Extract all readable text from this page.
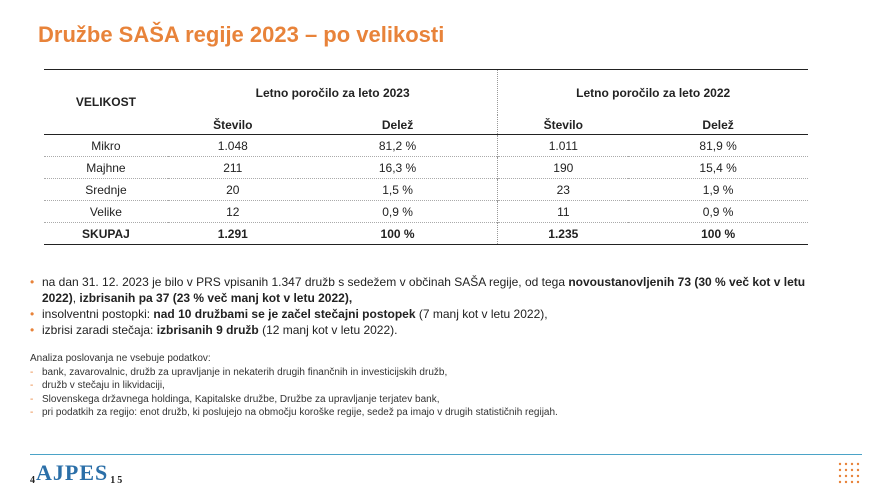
Družbe SAŠA regije 2023 – po velikosti
VELIKOST	Letno poročilo za leto 2023		Letno poročilo za leto 2022	
	Število	Delež	Število	Delež
Mikro	1.048	81,2 %	1.011	81,9 %
Majhne	211	16,3 %	190	15,4 %
Srednje	20	1,5 %	23	1,9 %
Velike	12	0,9 %	11	0,9 %
SKUPAJ	1.291	100 %	1.235	100 %
• na dan 31. 12. 2023 je bilo v PRS vpisanih 1.347 družb s sedežem v občinah SAŠA regije, od tega novoustanovljenih 73 (30 % več kot v letu 2022), izbrisanih pa 37 (23 % več manj kot v letu 2022),
• insolventni postopki: nad 10 družbami se je začel stečajni postopek (7 manj kot v letu 2022),
• izbrisi zaradi stečaja: izbrisanih 9 družb (12 manj kot v letu 2022).
Analiza poslovanja ne vsebuje podatkov:
- bank, zavarovalnic, družb za upravljanje in nekaterih drugih finančnih in investicijskih družb,
- družb v stečaju in likvidaciji,
- Slovenskega državnega holdinga, Kapitalske družbe, Družbe za upravljanje terjatev bank,
- pri podatkih za regijo: enot družb, ki poslujejo na območju koroške regije, sedež pa imajo v drugih statističnih regijah.
4 AJPES 1 5
